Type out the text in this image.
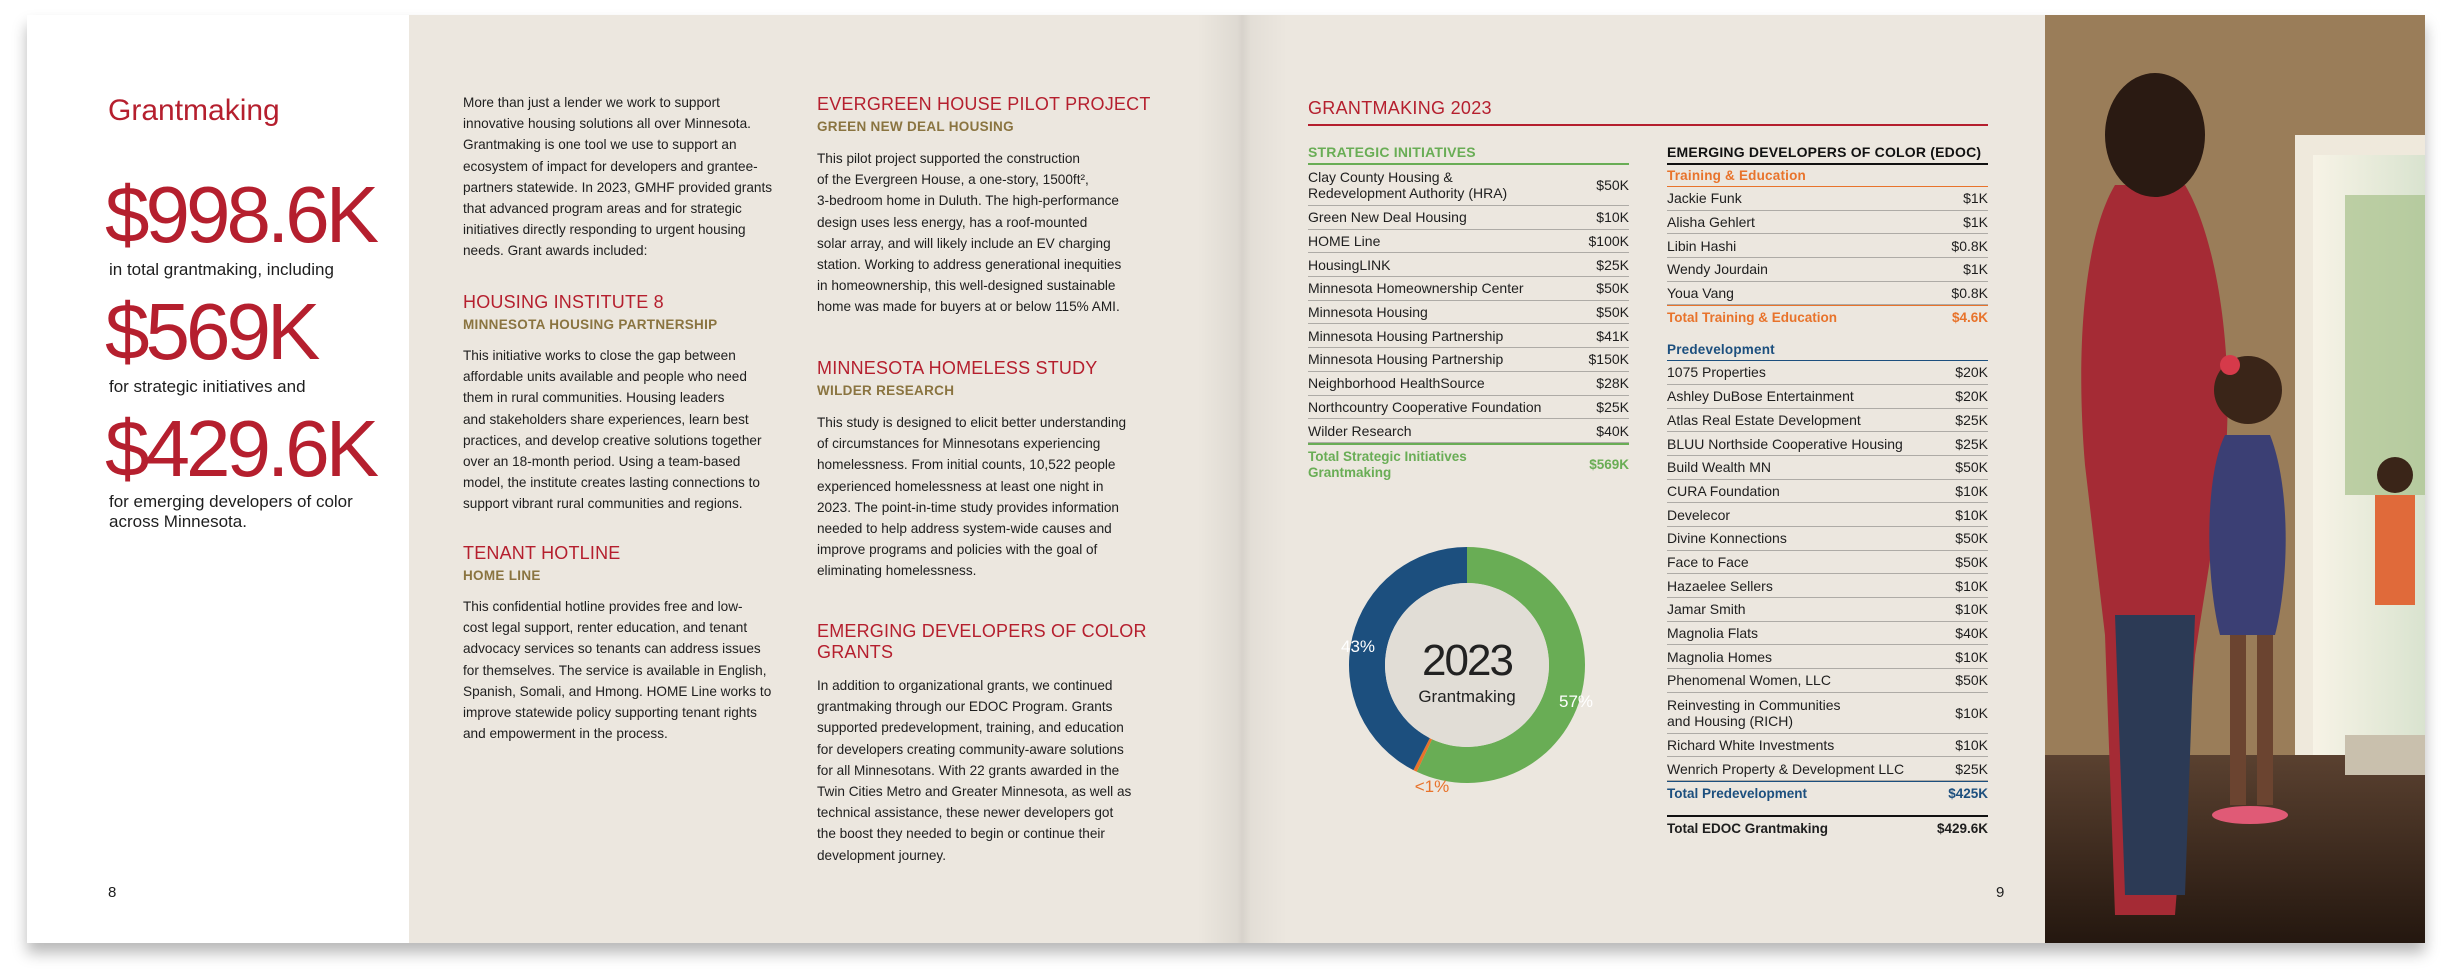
Grantmaking
$998.6K
in total grantmaking, including
$569K
for strategic initiatives and
$429.6K
for emerging developers of color
across Minnesota.
8
More than just a lender we work to support
innovative housing solutions all over Minnesota.
Grantmaking is one tool we use to support an
ecosystem of impact for developers and grantee-
partners statewide. In 2023, GMHF provided grants
that advanced program areas and for strategic
initiatives directly responding to urgent housing
needs. Grant awards included:
HOUSING INSTITUTE 8
MINNESOTA HOUSING PARTNERSHIP
This initiative works to close the gap between
affordable units available and people who need
them in rural communities. Housing leaders
and stakeholders share experiences, learn best
practices, and develop creative solutions together
over an 18-month period. Using a team-based
model, the institute creates lasting connections to
support vibrant rural communities and regions.
TENANT HOTLINE
HOME LINE
This confidential hotline provides free and low-
cost legal support, renter education, and tenant
advocacy services so tenants can address issues
for themselves. The service is available in English,
Spanish, Somali, and Hmong. HOME Line works to
improve statewide policy supporting tenant rights
and empowerment in the process.
EVERGREEN HOUSE PILOT PROJECT
GREEN NEW DEAL HOUSING
This pilot project supported the construction
of the Evergreen House, a one-story, 1500ft²,
3-bedroom home in Duluth. The high-performance
design uses less energy, has a roof-mounted
solar array, and will likely include an EV charging
station. Working to address generational inequities
in homeownership, this well-designed sustainable
home was made for buyers at or below 115% AMI.
MINNESOTA HOMELESS STUDY
WILDER RESEARCH
This study is designed to elicit better understanding
of circumstances for Minnesotans experiencing
homelessness. From initial counts, 10,522 people
experienced homelessness at least one night in
2023. The point-in-time study provides information
needed to help address system-wide causes and
improve programs and policies with the goal of
eliminating homelessness.
EMERGING DEVELOPERS OF COLOR
GRANTS
In addition to organizational grants, we continued
grantmaking through our EDOC Program. Grants
supported predevelopment, training, and education
for developers creating community-aware solutions
for all Minnesotans. With 22 grants awarded in the
Twin Cities Metro and Greater Minnesota, as well as
technical assistance, these newer developers got
the boost they needed to begin or continue their
development journey.
GRANTMAKING 2023
STRATEGIC INITIATIVES
Clay County Housing &
Redevelopment Authority (HRA)	$50K
Green New Deal Housing	$10K
HOME Line	$100K
HousingLINK	$25K
Minnesota Homeownership Center	$50K
Minnesota Housing	$50K
Minnesota Housing Partnership	$41K
Minnesota Housing Partnership	$150K
Neighborhood HealthSource	$28K
Northcountry Cooperative Foundation	$25K
Wilder Research	$40K
Total Strategic Initiatives
Grantmaking	$569K
EMERGING DEVELOPERS OF COLOR (EDOC)
Training & Education
Jackie Funk	$1K
Alisha Gehlert	$1K
Libin Hashi	$0.8K
Wendy Jourdain	$1K
Youa Vang	$0.8K
Total Training & Education	$4.6K
Predevelopment
1075 Properties	$20K
Ashley DuBose Entertainment	$20K
Atlas Real Estate Development	$25K
BLUU Northside Cooperative Housing	$25K
Build Wealth MN	$50K
CURA Foundation	$10K
Develecor	$10K
Divine Konnections	$50K
Face to Face	$50K
Hazaelee Sellers	$10K
Jamar Smith	$10K
Magnolia Flats	$40K
Magnolia Homes	$10K
Phenomenal Women, LLC	$50K
Reinvesting in Communities
and Housing (RICH)	$10K
Richard White Investments	$10K
Wenrich Property & Development LLC	$25K
Total Predevelopment	$425K
Total EDOC Grantmaking	$429.6K
2023
Grantmaking	57%
<1%
43%
9
